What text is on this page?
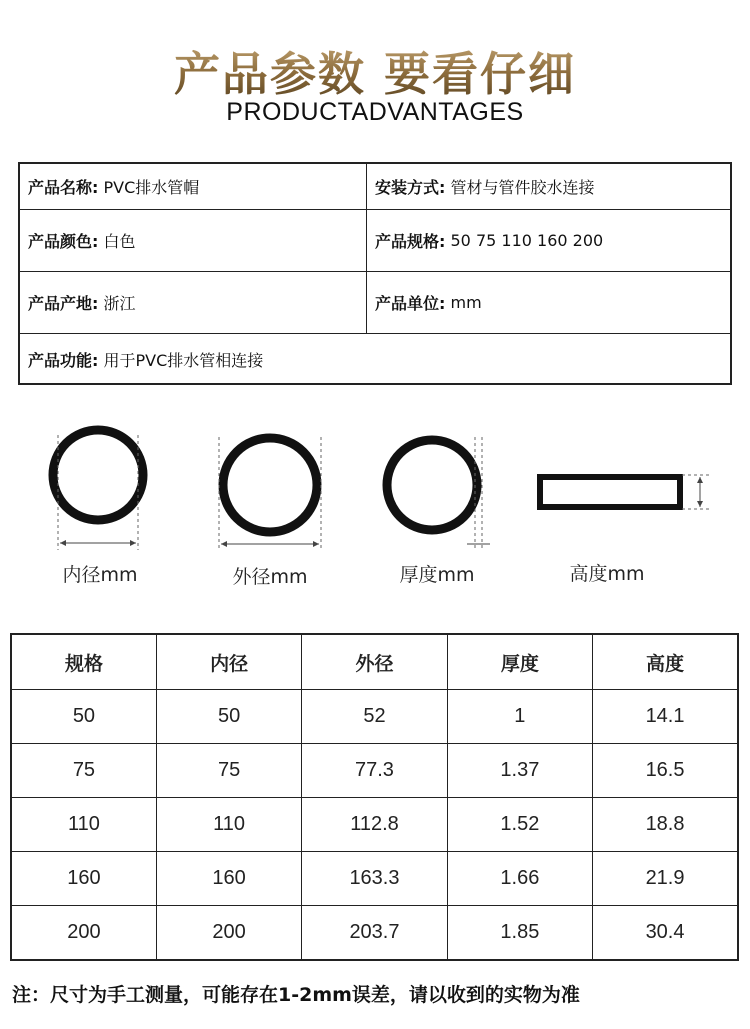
产品参数 要看仔细
PRODUCTADVANTAGES
产品名称:
PVC排水管帽	安装方式:
管材与管件胶水连接
产品颜色:
白色	产品规格:
50 75 110 160 200
产品产地:
浙江	产品单位:
mm
产品功能:
用于PVC排水管相连接
内径mm	外径mm	厚度mm	高度mm
规格	内径	外径	厚度	高度
50	50	52	1	14.1
75	75	77.3	1.37	16.5
110	110	112.8	1.52	18.8
160	160	163.3	1.66	21.9
200	200	203.7	1.85	30.4
注：尺寸为手工测量，可能存在1-2mm误差，请以收到的实物为准
